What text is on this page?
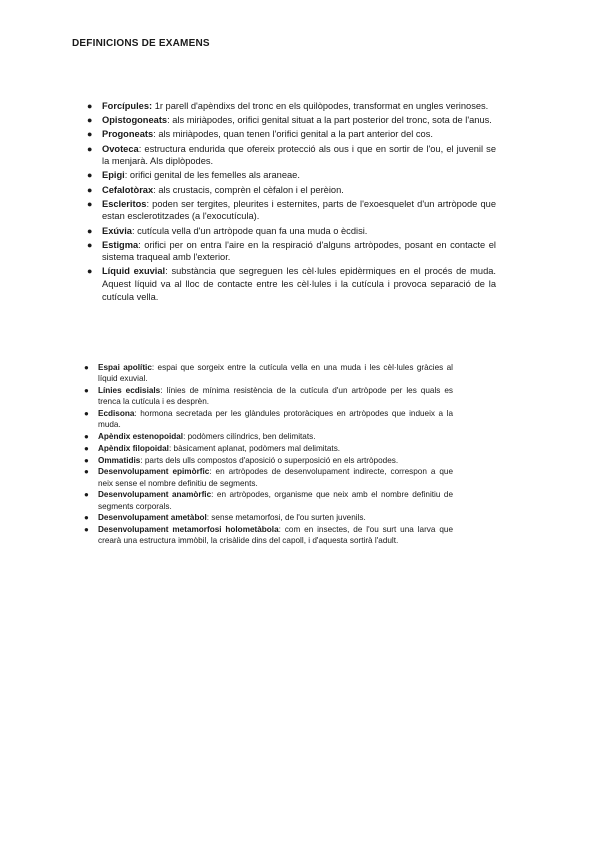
DEFINICIONS DE EXAMENS
● Forcípules: 1r parell d'apèndixs del tronc en els quilòpodes, transformat en ungles verinoses.
● Opistogoneats: als miriàpodes, orifici genital situat a la part posterior del tronc, sota de l'anus.
● Progoneats: als miriàpodes, quan tenen l'orifici genital a la part anterior del cos.
● Ovoteca: estructura endurida que ofereix protecció als ous i que en sortir de l'ou, el juvenil se la menjarà. Als diplòpodes.
● Epigi: orifici genital de les femelles als araneae.
● Cefalotòrax: als crustacis, comprèn el cèfalon i el perèion.
● Escleritos: poden ser tergites, pleurites i esternites, parts de l'exoesquelet d'un artròpode que estan esclerotitzades (a l'exocutícula).
● Exúvia: cutícula vella d'un artròpode quan fa una muda o ècdisi.
● Estigma: orifici per on entra l'aire en la respiració d'alguns artròpodes, posant en contacte el sistema traqueal amb l'exterior.
● Líquid exuvial: substància que segreguen les cèl·lules epidèrmiques en el procés de muda. Aquest líquid va al lloc de contacte entre les cèl·lules i la cutícula i provoca separació de la cutícula vella.
● Espai apolític: espai que sorgeix entre la cutícula vella en una muda i les cèl·lules gràcies al líquid exuvial.
● Línies ecdisials: línies de mínima resistència de la cutícula d'un artròpode per les quals es trenca la cutícula i es desprèn.
● Ecdisona: hormona secretada per les glàndules protoràciques en artròpodes que indueix a la muda.
● Apèndix estenopoidal: podòmers cilíndrics, ben delimitats.
● Apèndix filopoidal: bàsicament aplanat, podòmers mal delimitats.
● Ommatidis: parts dels ulls compostos d'aposició o superposició en els artròpodes.
● Desenvolupament epimòrfic: en artròpodes de desenvolupament indirecte, correspon a que neix sense el nombre definitiu de segments.
● Desenvolupament anamòrfic: en artròpodes, organisme que neix amb el nombre definitiu de segments corporals.
● Desenvolupament ametàbol: sense metamorfosi, de l'ou surten juvenils.
● Desenvolupament metamorfosi holometàbola: com en insectes, de l'ou surt una larva que crearà una estructura immòbil, la crisàlide dins del capoll, i d'aquesta sortirà l'adult.
